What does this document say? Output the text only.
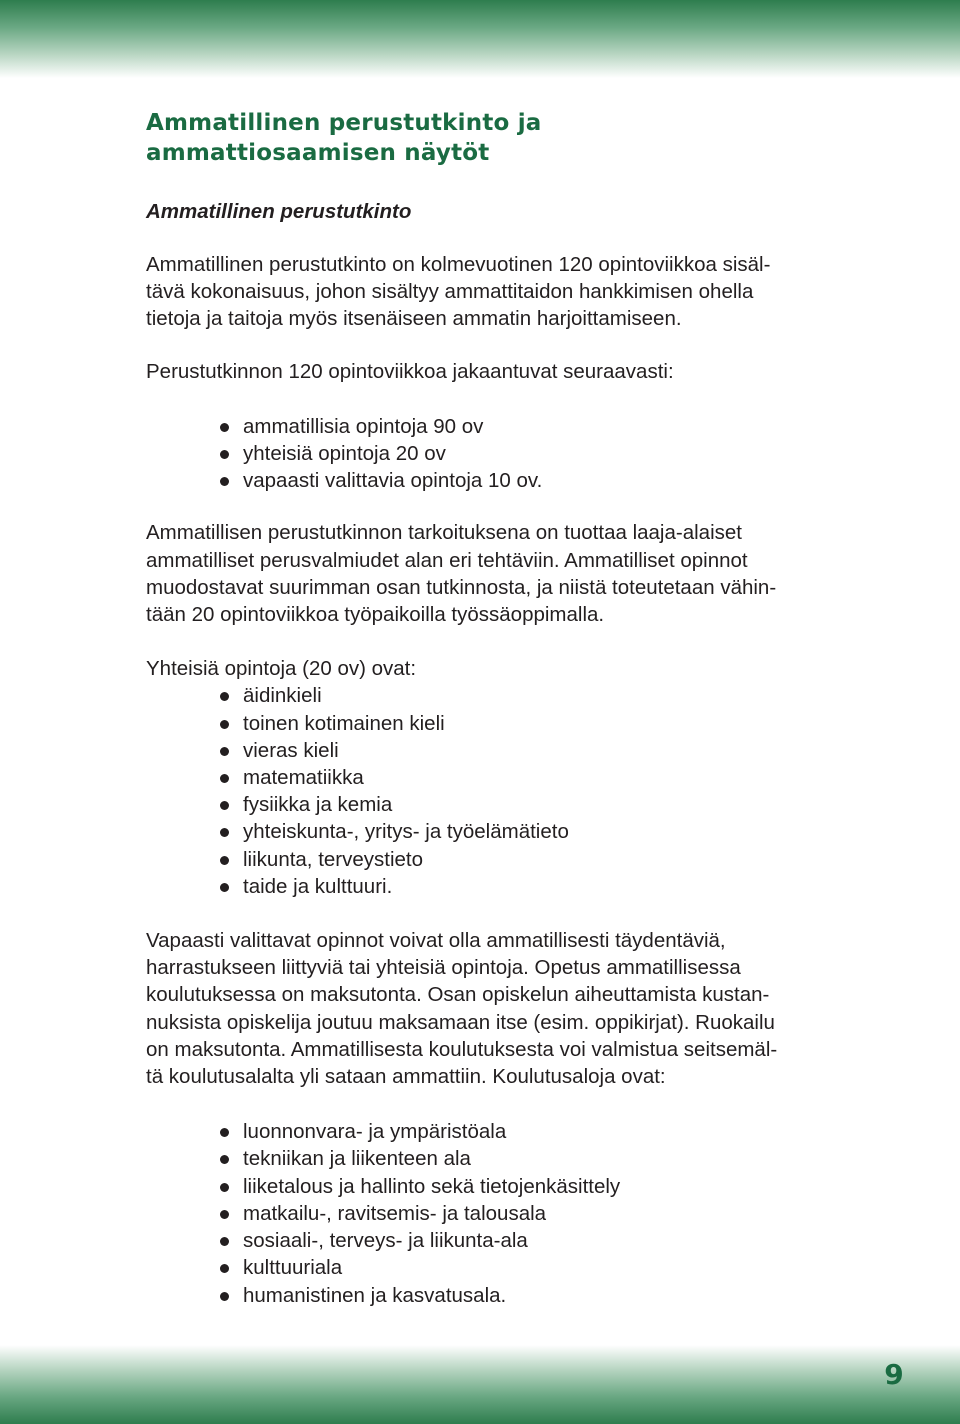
Ammatillinen perustutkinto ja
ammattiosaamisen näytöt
Ammatillinen perustutkinto

Ammatillinen perustutkinto on kolmevuotinen 120 opintoviikkoa sisäl-
tävä kokonaisuus, johon sisältyy ammattitaidon hankkimisen ohella
tietoja ja taitoja myös itsenäiseen ammatin harjoittamiseen.

Perustutkinnon 120 opintoviikkoa jakaantuvat seuraavasti:

ammatillisia opintoja 90 ov
yhteisiä opintoja 20 ov
vapaasti valittavia opintoja 10 ov.

Ammatillisen perustutkinnon tarkoituksena on tuottaa laaja-alaiset
ammatilliset perusvalmiudet alan eri tehtäviin. Ammatilliset opinnot
muodostavat suurimman osan tutkinnosta, ja niistä toteutetaan vähin-
tään 20 opintoviikkoa työpaikoilla työssäoppimalla.

Yhteisiä opintoja (20 ov) ovat:

äidinkieli
toinen kotimainen kieli
vieras kieli
matematiikka
fysiikka ja kemia
yhteiskunta-, yritys- ja työelämätieto
liikunta, terveystieto
taide ja kulttuuri.

Vapaasti valittavat opinnot voivat olla ammatillisesti täydentäviä,
harrastukseen liittyviä tai yhteisiä opintoja. Opetus ammatillisessa
koulutuksessa on maksutonta. Osan opiskelun aiheuttamista kustan-
nuksista opiskelija joutuu maksamaan itse (esim. oppikirjat). Ruokailu
on maksutonta. Ammatillisesta koulutuksesta voi valmistua seitsemäl-
tä koulutusalalta yli sataan ammattiin. Koulutusaloja ovat:

luonnonvara- ja ympäristöala
tekniikan ja liikenteen ala
liiketalous ja hallinto sekä tietojenkäsittely
matkailu-, ravitsemis- ja talousala
sosiaali-, terveys- ja liikunta-ala
kulttuuriala
humanistinen ja kasvatusala.
9
